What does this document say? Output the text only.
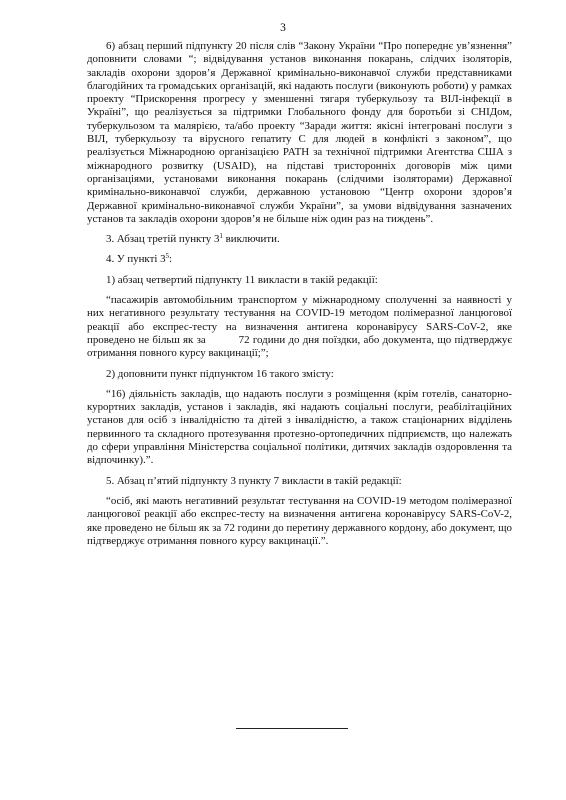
3

6) абзац перший підпункту 20 після слів “Закону України “Про попереднє ув’язнення” доповнити словами “; відвідування установ виконання покарань, слідчих ізоляторів, закладів охорони здоров’я Державної кримінально-виконавчої служби представниками благодійних та громадських організацій, які надають послуги (виконують роботи) у рамках проекту “Прискорення прогресу у зменшенні тягаря туберкульозу та ВІЛ-інфекції в Україні”, що реалізується за підтримки Глобального фонду для боротьби зі СНІДом, туберкульозом та малярією, та/або проекту “Заради життя: якісні інтегровані послуги з ВІЛ, туберкульозу та вірусного гепатиту С для людей в конфлікті з законом”, що реалізується Міжнародною організацією PATH за технічної підтримки Агентства США з міжнародного розвитку (USAID), на підставі тристоронніх договорів між цими організаціями, установами виконання покарань (слідчими ізоляторами) Державної кримінально-виконавчої служби, державною установою “Центр охорони здоров’я Державної кримінально-виконавчої служби України”, за умови відвідування зазначених установ та закладів охорони здоров’я не більше ніж один раз на тиждень”.

3. Абзац третій пункту $3^1$ виключити.

4. У пункті $3^5$:

1) абзац четвертий підпункту 11 викласти в такій редакції:

“пасажирів автомобільним транспортом у міжнародному сполученні за наявності у них негативного результату тестування на COVID-19 методом полімеразної ланцюгової реакції або експрес-тесту на визначення антигена коронавірусу SARS-CoV-2, яке проведено не більш як за          72 години до дня поїздки, або документа, що підтверджує отримання повного курсу вакцинації;”;

2) доповнити пункт підпунктом 16 такого змісту:

“16) діяльність закладів, що надають послуги з розміщення (крім готелів, санаторно-курортних закладів, установ і закладів, які надають соціальні послуги, реабілітаційних установ для осіб з інвалідністю та дітей з інвалідністю, а також стаціонарних відділень первинного та складного протезування протезно-ортопедичних підприємств, що належать до сфери управління Міністерства соціальної політики, дитячих закладів оздоровлення та відпочинку).”.

5. Абзац п’ятий підпункту 3 пункту 7 викласти в такій редакції:

“осіб, які мають негативний результат тестування на COVID-19 методом полімеразної ланцюгової реакції або експрес-тесту на визначення антигена коронавірусу SARS-CoV-2, яке проведено не більш як за 72 години до перетину державного кордону, або документ, що підтверджує отримання повного курсу вакцинації.”.
